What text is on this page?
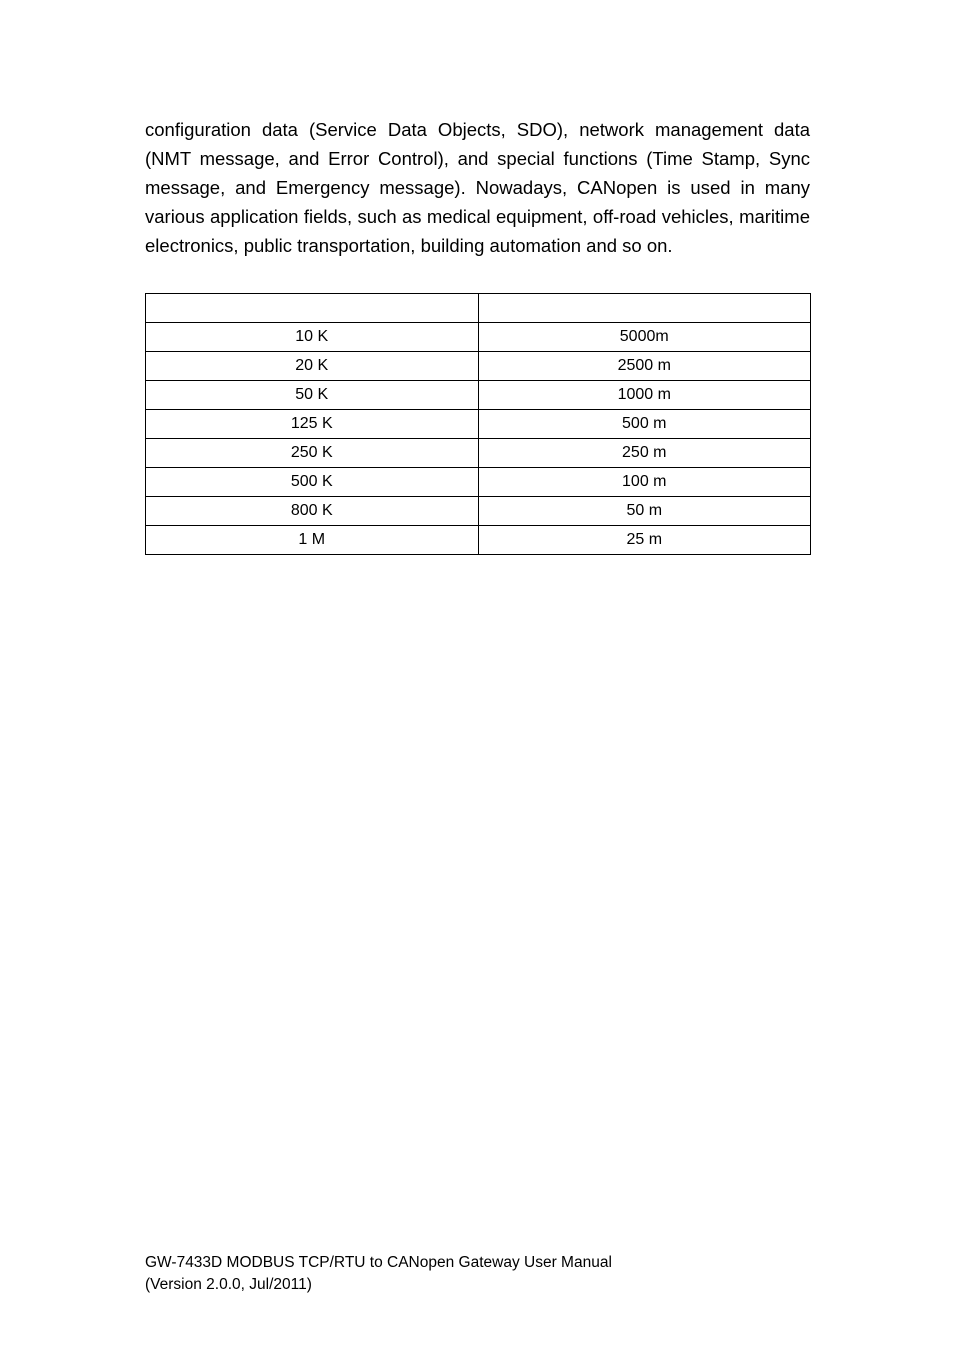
configuration data (Service Data Objects, SDO), network management data (NMT message, and Error Control), and special functions (Time Stamp, Sync message, and Emergency message). Nowadays, CANopen is used in many various application fields, such as medical equipment, off-road vehicles, maritime electronics, public transportation, building automation and so on.

10 K	5000m
20 K	2500 m
50 K	1000 m
125 K	500 m
250 K	250 m
500 K	100 m
800 K	50 m
1 M	25 m
GW-7433D MODBUS TCP/RTU to CANopen Gateway User Manual
(Version 2.0.0, Jul/2011)
